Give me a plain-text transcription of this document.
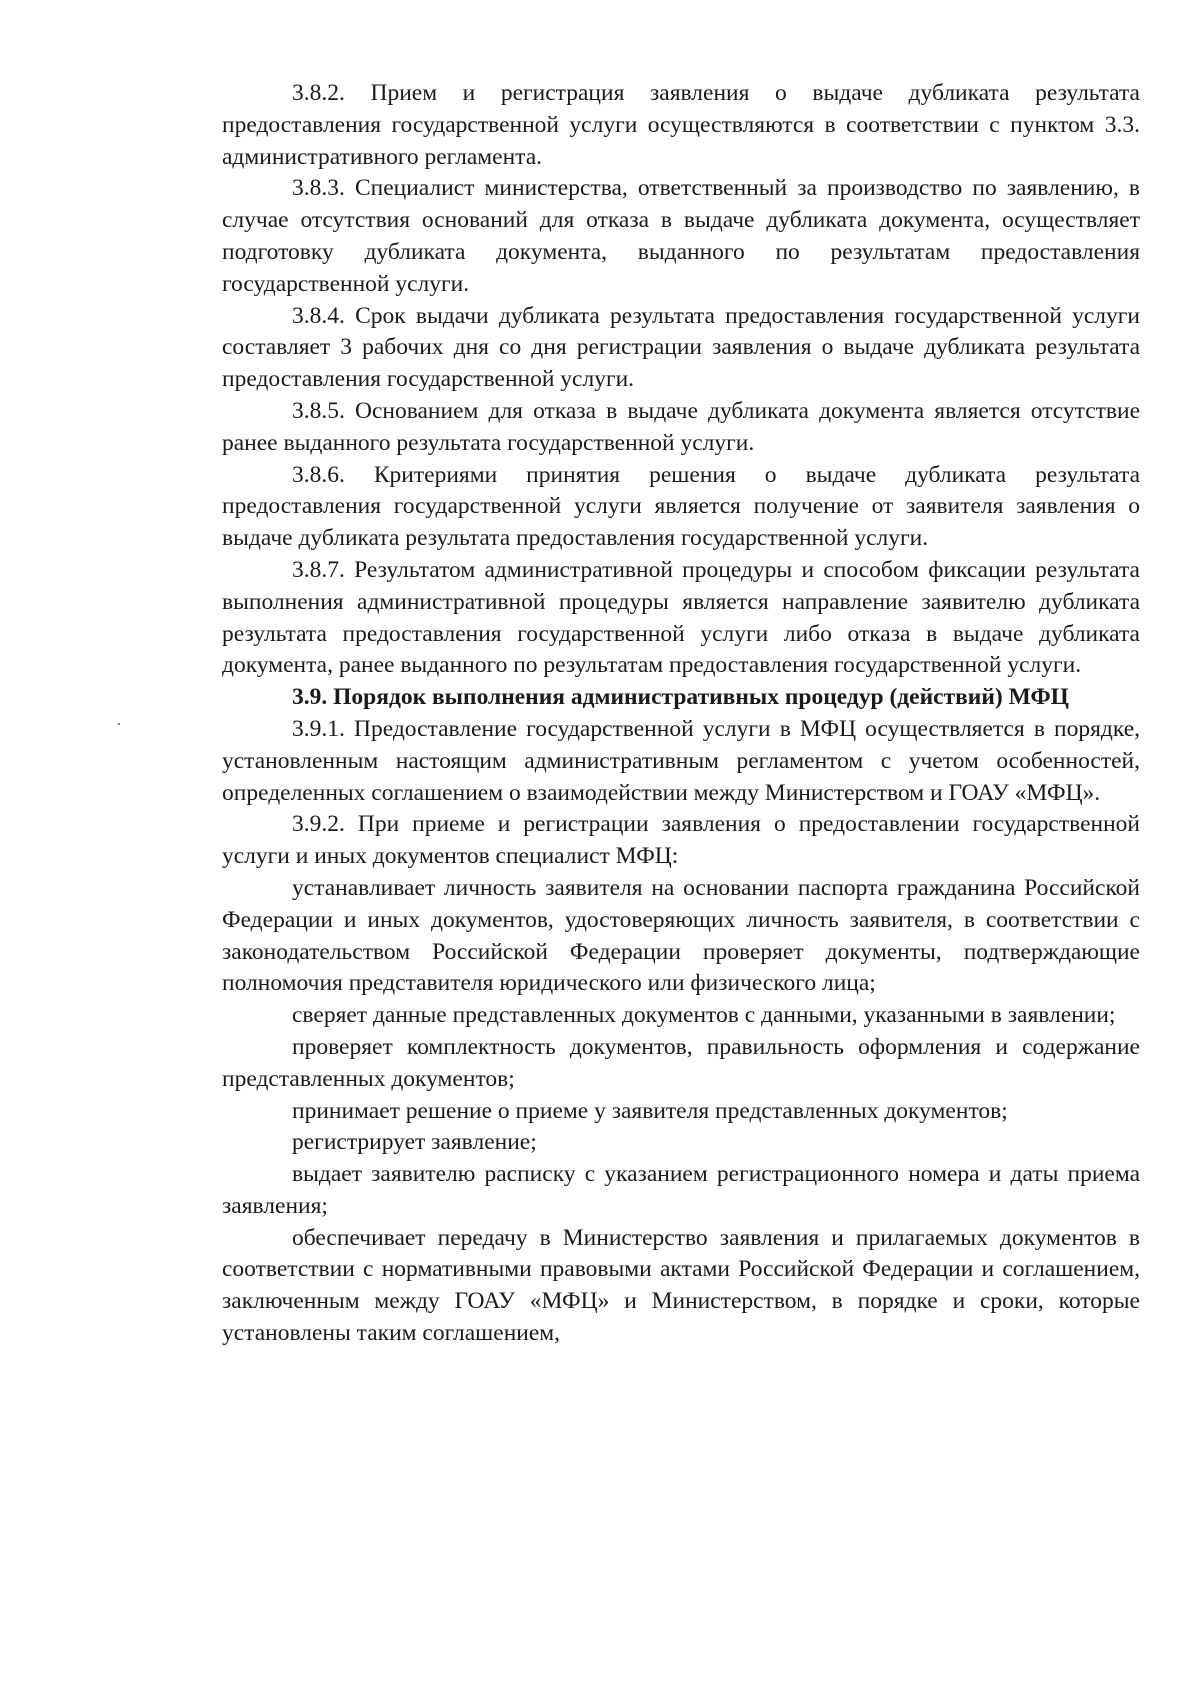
3.8.2. Прием и регистрация заявления о выдаче дубликата результата предоставления государственной услуги осуществляются в соответствии с пунктом 3.3. административного регламента.

3.8.3. Специалист министерства, ответственный за производство по заявлению, в случае отсутствия оснований для отказа в выдаче дубликата документа, осуществляет подготовку дубликата документа, выданного по результатам предоставления государственной услуги.

3.8.4. Срок выдачи дубликата результата предоставления государственной услуги составляет 3 рабочих дня со дня регистрации заявления о выдаче дубликата результата предоставления государственной услуги.

3.8.5. Основанием для отказа в выдаче дубликата документа является отсутствие ранее выданного результата государственной услуги.

3.8.6. Критериями принятия решения о выдаче дубликата результата предоставления государственной услуги является получение от заявителя заявления о выдаче дубликата результата предоставления государственной услуги.

3.8.7. Результатом административной процедуры и способом фиксации результата выполнения административной процедуры является направление заявителю дубликата результата предоставления государственной услуги либо отказа в выдаче дубликата документа, ранее выданного по результатам предоставления государственной услуги.

3.9. Порядок выполнения административных процедур (действий) МФЦ

3.9.1. Предоставление государственной услуги в МФЦ осуществляется в порядке, установленным настоящим административным регламентом с учетом особенностей, определенных соглашением о взаимодействии между Министерством и ГОАУ «МФЦ».

3.9.2. При приеме и регистрации заявления о предоставлении государственной услуги и иных документов специалист МФЦ:

устанавливает личность заявителя на основании паспорта гражданина Российской Федерации и иных документов, удостоверяющих личность заявителя, в соответствии с законодательством Российской Федерации проверяет документы, подтверждающие полномочия представителя юридического или физического лица;

сверяет данные представленных документов с данными, указанными в заявлении;

проверяет комплектность документов, правильность оформления и содержание представленных документов;

принимает решение о приеме у заявителя представленных документов;

регистрирует заявление;

выдает заявителю расписку с указанием регистрационного номера и даты приема заявления;

обеспечивает передачу в Министерство заявления и прилагаемых документов в соответствии с нормативными правовыми актами Российской Федерации и соглашением, заключенным между ГОАУ «МФЦ» и Министерством, в порядке и сроки, которые установлены таким соглашением,
